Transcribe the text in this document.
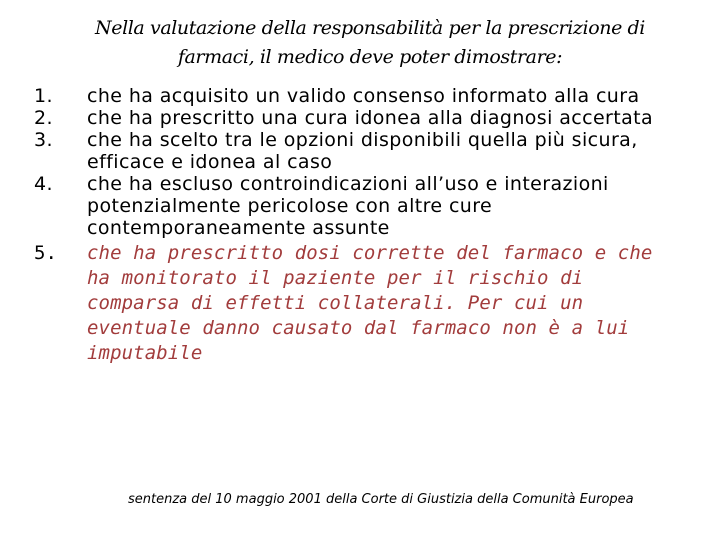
Nella valutazione della responsabilità per la prescrizione di farmaci, il medico deve poter dimostrare:
1.	che ha acquisito un valido consenso informato alla cura
2.	che ha prescritto una cura idonea alla diagnosi accertata
3.	che ha scelto tra le opzioni disponibili quella più sicura, efficace e idonea al caso
4.	che ha escluso controindicazioni all’uso e interazioni potenzialmente pericolose con altre cure contemporaneamente assunte
5.	che ha prescritto dosi corrette del farmaco e che ha monitorato il paziente per il rischio di comparsa di effetti collaterali. Per cui un eventuale danno causato dal farmaco non è a lui imputabile
sentenza del 10 maggio 2001 della Corte di Giustizia della Comunità Europea
